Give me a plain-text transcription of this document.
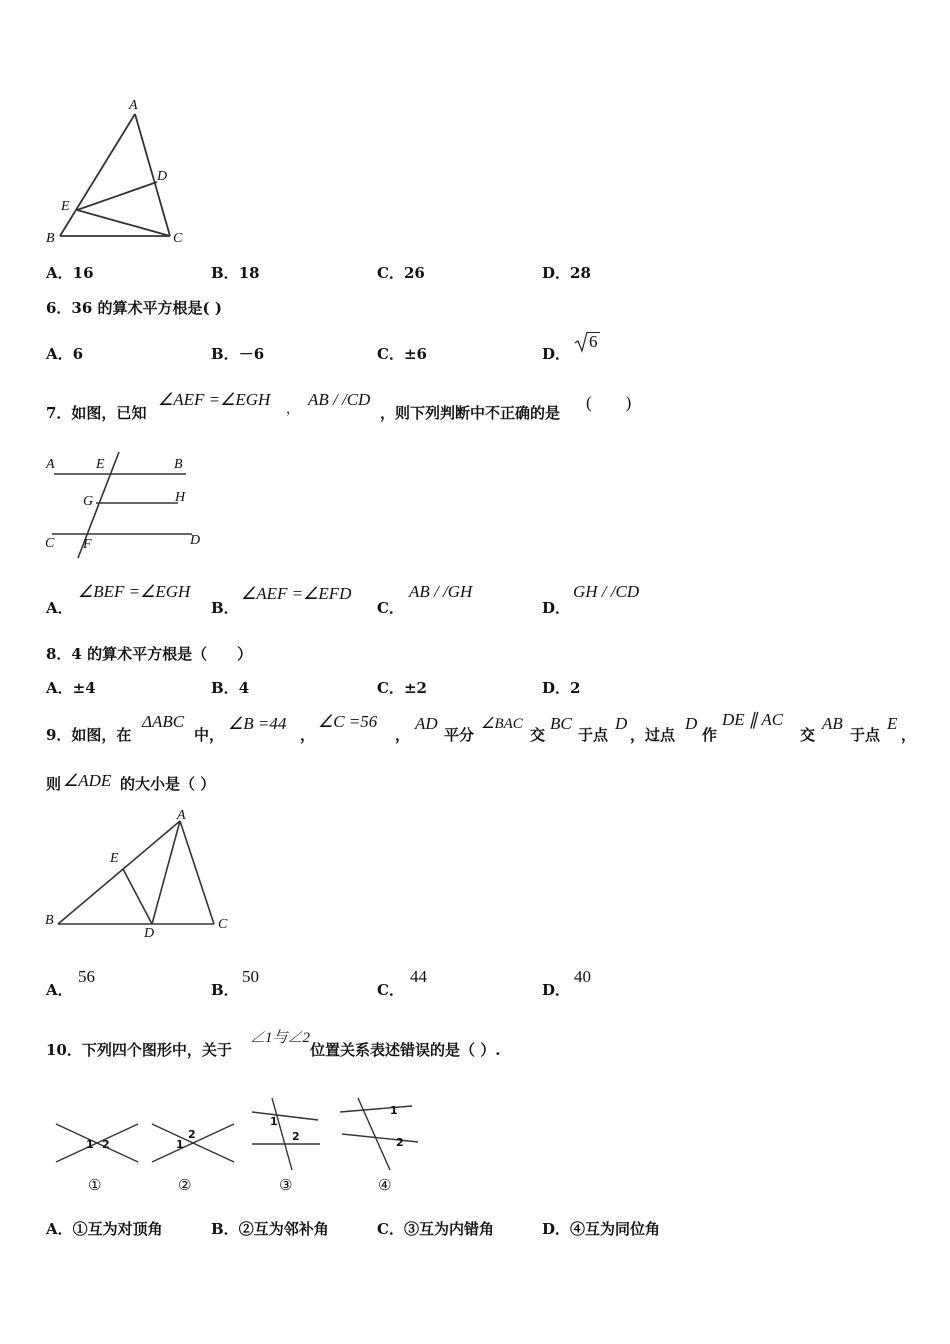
A
D
E
B	C
A．16	B．18	C．26	D．28
6．36 的算术平方根是( )
A．6	B．－6	C．±6	D．
6
7．如图，已知
∠AEF =∠EGH ， AB / /CD
，则下列判断中不正确的是
(　　)
A	E	B
G	H
C F	D
A．
∠BEF =∠EGH
B．
∠AEF =∠EFD
C．
AB / /GH
D．
GH / /CD
8．4 的算术平方根是（　　）
A．±4	B．4	C．±2	D．2
9．如图，在
ΔABC
中，
∠B =44
，
∠C =56
，
AD
平分
∠BAC
交
BC
于点
D
，过点
D
作
DE ∥ AC
交
AB
于点
E
，
则 ∠ADE 的大小是（ ）
A
E
B
D
C
A．
56
B．
50
C．
44
D．
40
10．下列四个图形中，关于
∠1与∠2
位置关系表述错误的是（ ）.
1 2
①
1
2
②
1
2
③
1
2
④
A．①互为对顶角	B．②互为邻补角	C．③互为内错角	D．④互为同位角
